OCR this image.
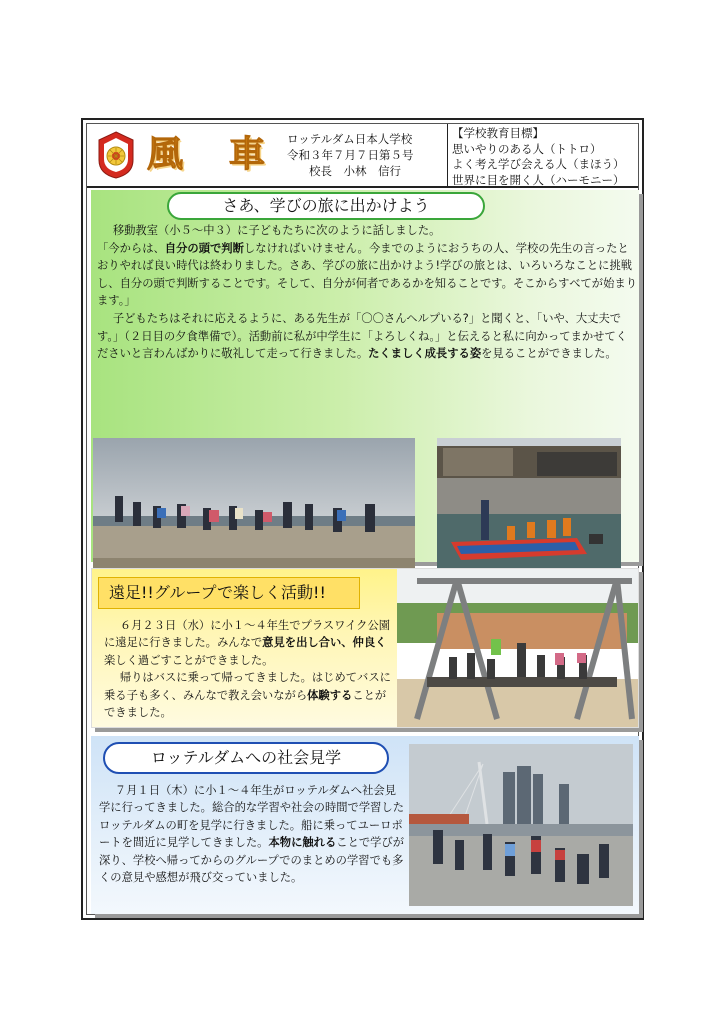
風 車 ロッテルダム日本人学校
令和３年７月７日第５号
校長　小林　信行
【学校教育目標】
思いやりのある人（トトロ）
よく考え学び会える人（まほう）
世界に目を開く人（ハーモニー）
さあ、学びの旅に出かけよう

移動教室（小５～中３）に子どもたちに次のように話しました。

「今からは、自分の頭で判断しなければいけません。今までのようにおうちの人、学校の先生の言ったとおりやれば良い時代は終わりました。さあ、学びの旅に出かけよう!学びの旅とは、いろいろなことに挑戦し、自分の頭で判断することです。そして、自分が何者であるかを知ることです。そこからすべてが始まります。」

子どもたちはそれに応えるように、ある先生が「〇〇さんヘルプいる?」と聞くと、「いや、大丈夫です。」（２日目の夕食準備で）。活動前に私が中学生に「よろしくね。」と伝えると私に向かってまかせてくださいと言わんばかりに敬礼して走って行きました。たくましく成長する姿を見ることができました。

遠足!!グループで楽しく活動!!

６月２３日（水）に小１～４年生でプラスワイク公園に遠足に行きました。みんなで意見を出し合い、仲良く楽しく過ごすことができました。

帰りはバスに乗って帰ってきました。はじめてバスに乗る子も多く、みんなで教え会いながら体験することができました。

ロッテルダムへの社会見学

７月１日（木）に小１～４年生がロッテルダムへ社会見学に行ってきました。総合的な学習や社会の時間で学習したロッテルダムの町を見学に行きました。船に乗ってユーロポートを間近に見学してきました。本物に触れることで学びが深り、学校へ帰ってからのグループでのまとめの学習でも多くの意見や感想が飛び交っていました。
